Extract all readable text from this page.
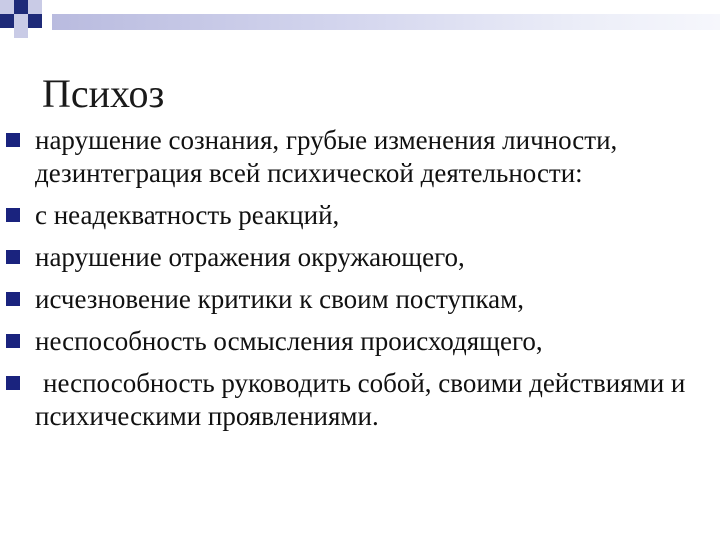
Психоз
нарушение сознания, грубые изменения личности, дезинтеграция всей психической деятельности:
с неадекватность реакций,
нарушение отражения окружающего,
исчезновение критики к своим поступкам,
неспособность осмысления происходящего,
неспособность руководить собой, своими действиями и психическими проявлениями.
